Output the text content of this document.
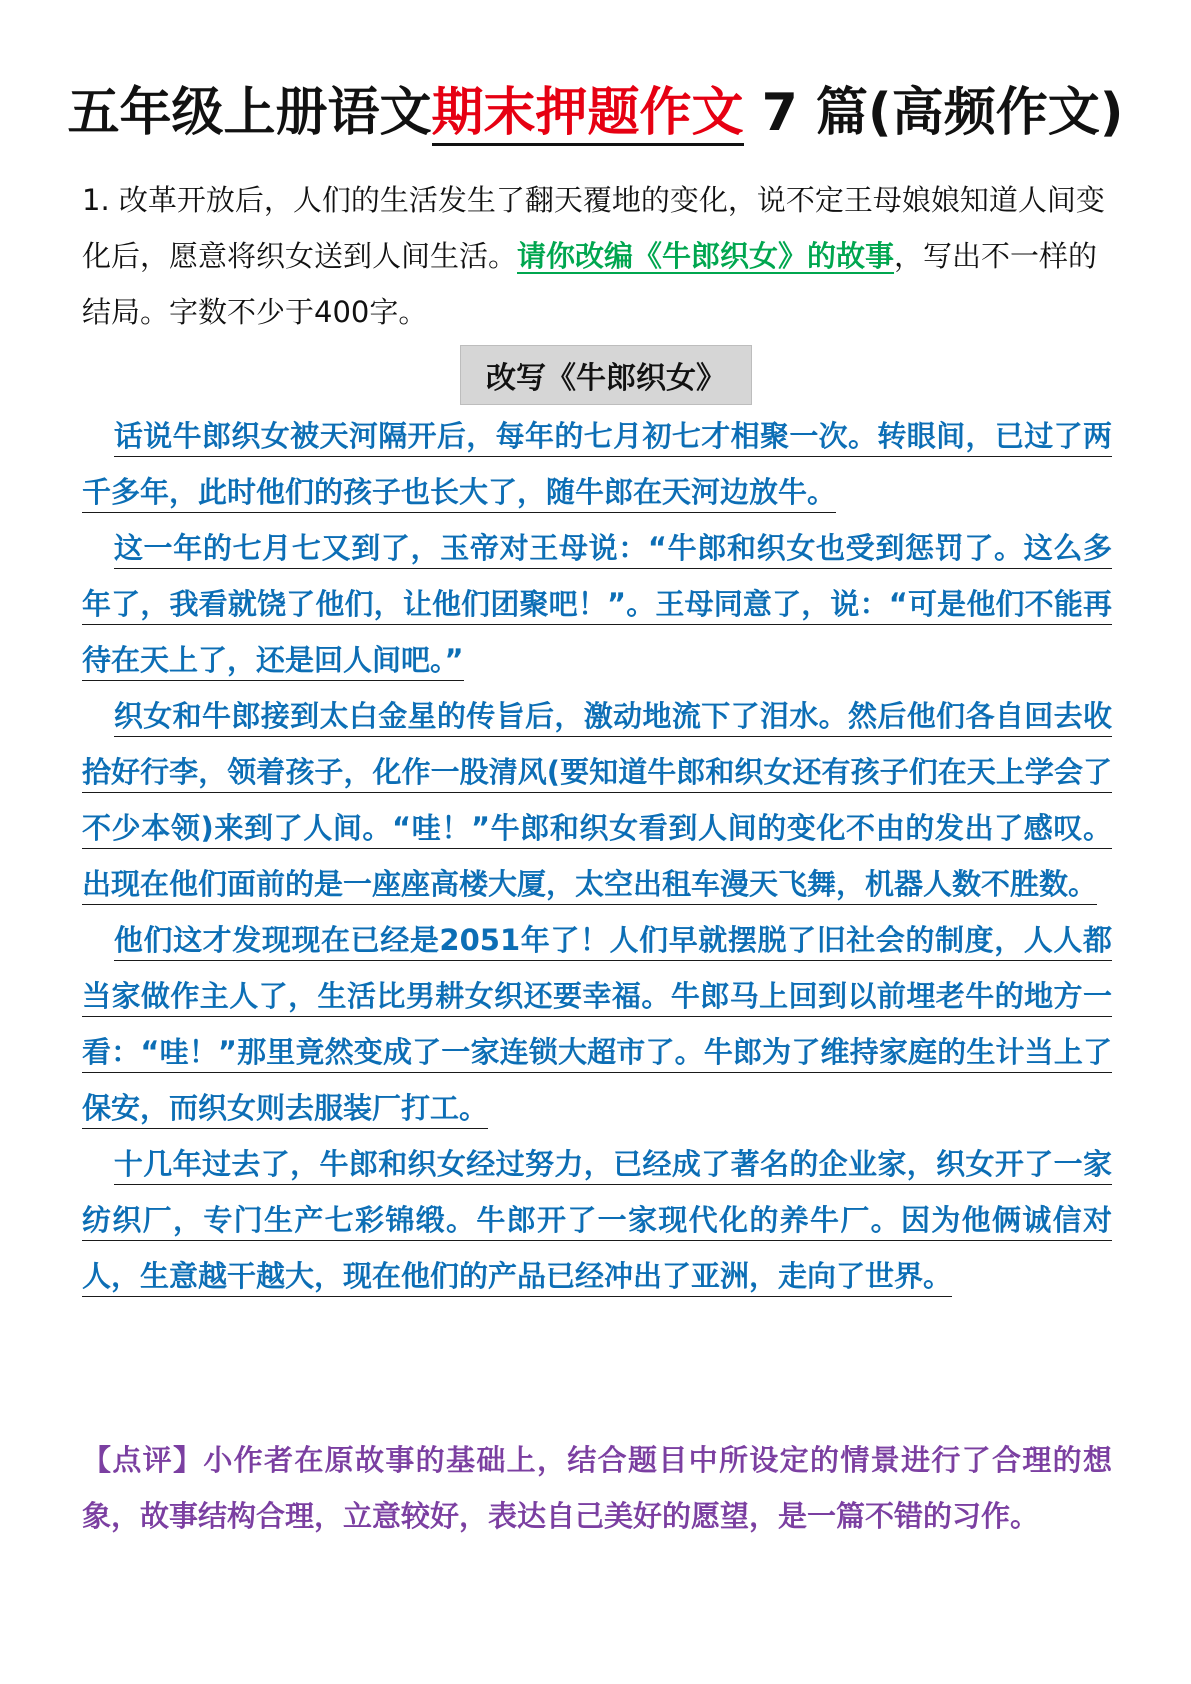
五年级上册语文期末押题作文 7 篇(高频作文)
1. 改革开放后，人们的生活发生了翻天覆地的变化，说不定王母娘娘知道人间变化后，愿意将织女送到人间生活。请你改编《牛郎织女》的故事，写出不一样的结局。字数不少于400字。
改写《牛郎织女》

话说牛郎织女被天河隔开后，每年的七月初七才相聚一次。转眼间，已过了两千多年，此时他们的孩子也长大了，随牛郎在天河边放牛。

这一年的七月七又到了，玉帝对王母说：“牛郎和织女也受到惩罚了。这么多年了，我看就饶了他们，让他们团聚吧！”。王母同意了，说：“可是他们不能再待在天上了，还是回人间吧。”

织女和牛郎接到太白金星的传旨后，激动地流下了泪水。然后他们各自回去收拾好行李，领着孩子，化作一股清风(要知道牛郎和织女还有孩子们在天上学会了不少本领)来到了人间。“哇！”牛郎和织女看到人间的变化不由的发出了感叹。出现在他们面前的是一座座高楼大厦，太空出租车漫天飞舞，机器人数不胜数。

他们这才发现现在已经是2051年了！人们早就摆脱了旧社会的制度，人人都当家做作主人了，生活比男耕女织还要幸福。牛郎马上回到以前埋老牛的地方一看：“哇！”那里竟然变成了一家连锁大超市了。牛郎为了维持家庭的生计当上了保安，而织女则去服装厂打工。

十几年过去了，牛郎和织女经过努力，已经成了著名的企业家，织女开了一家纺织厂，专门生产七彩锦缎。牛郎开了一家现代化的养牛厂。因为他俩诚信对人，生意越干越大，现在他们的产品已经冲出了亚洲，走向了世界。

【点评】小作者在原故事的基础上，结合题目中所设定的情景进行了合理的想象，故事结构合理，立意较好，表达自己美好的愿望，是一篇不错的习作。
